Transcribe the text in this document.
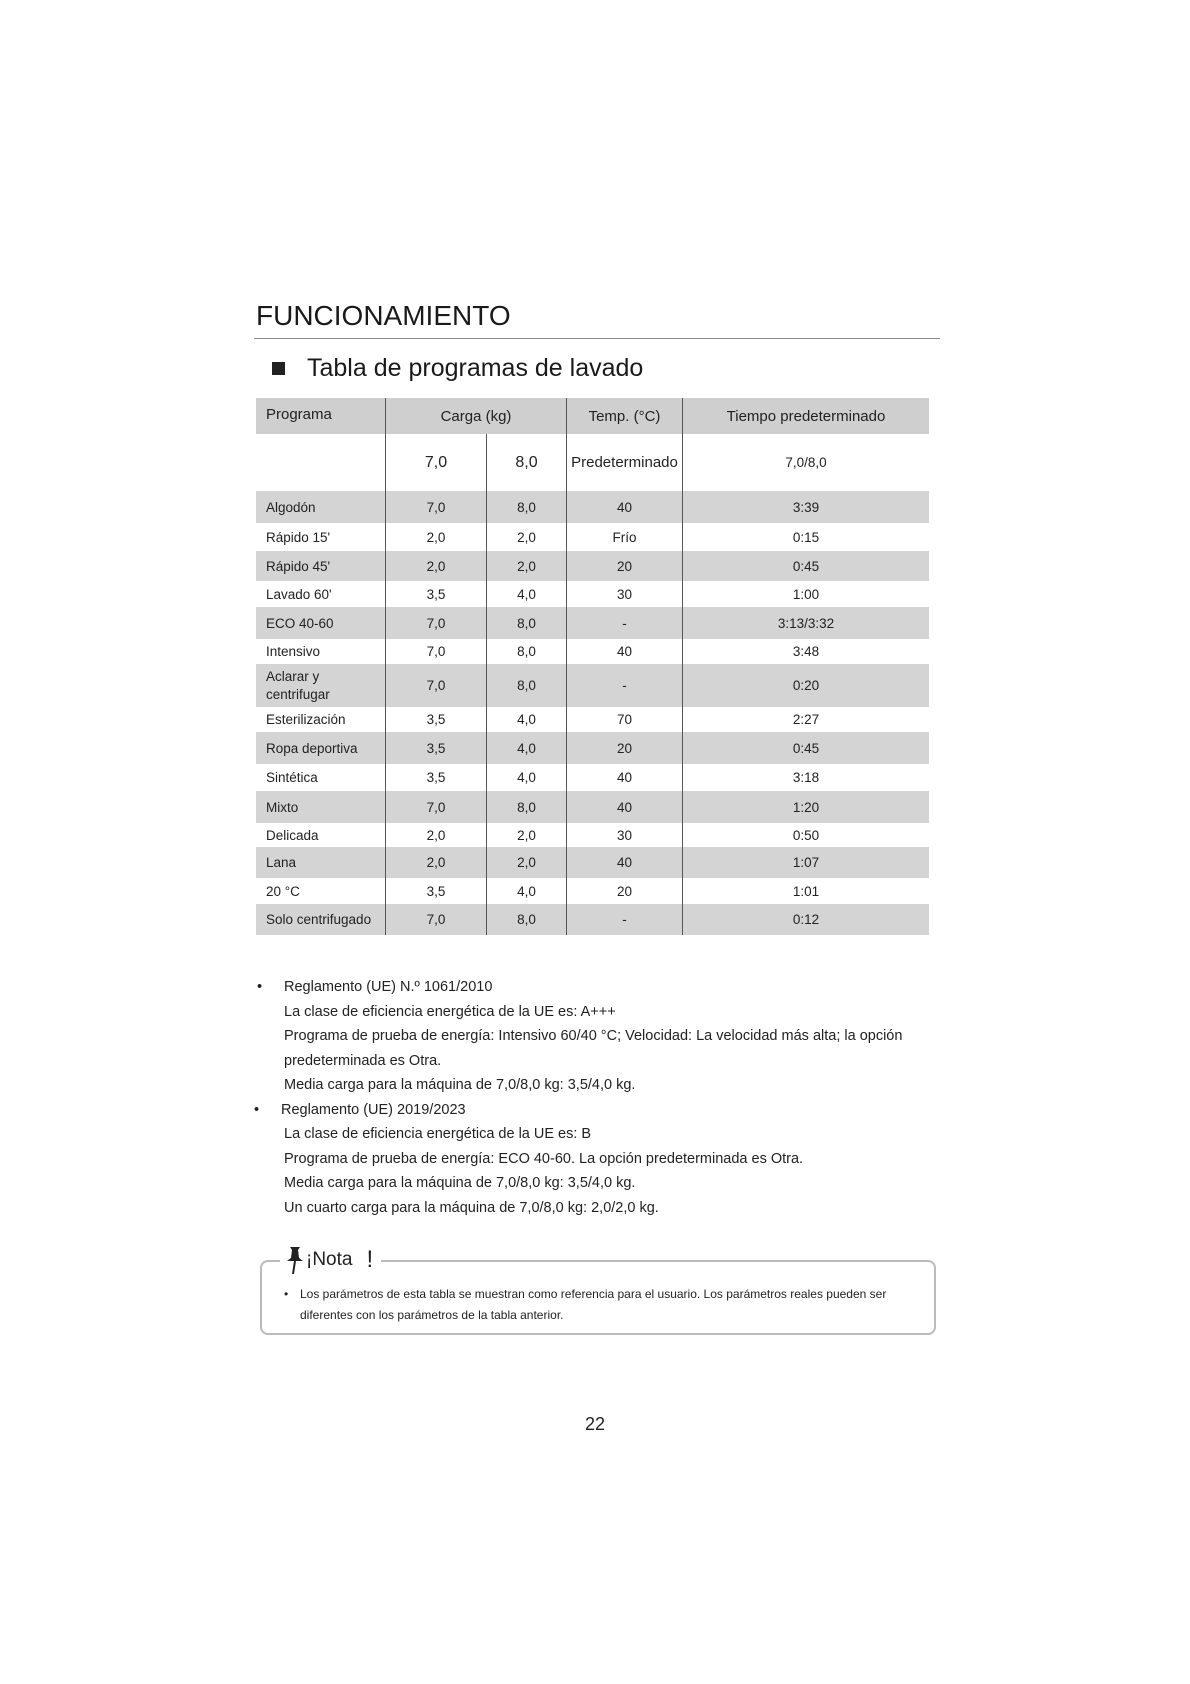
FUNCIONAMIENTO
Tabla de programas de lavado
Programa	Carga (kg)		Temp. (°C)	Tiempo predeterminado
	7,0	8,0	Predeterminado	7,0/8,0
Algodón	7,0	8,0	40	3:39
Rápido 15'	2,0	2,0	Frío	0:15
Rápido 45'	2,0	2,0	20	0:45
Lavado 60'	3,5	4,0	30	1:00
ECO 40-60	7,0	8,0	-	3:13/3:32
Intensivo	7,0	8,0	40	3:48
Aclarar y centrifugar	7,0	8,0	-	0:20
Esterilización	3,5	4,0	70	2:27
Ropa deportiva	3,5	4,0	20	0:45
Sintética	3,5	4,0	40	3:18
Mixto	7,0	8,0	40	1:20
Delicada	2,0	2,0	30	0:50
Lana	2,0	2,0	40	1:07
20 °C	3,5	4,0	20	1:01
Solo centrifugado	7,0	8,0	-	0:12
• Reglamento (UE) N.º 1061/2010
La clase de eficiencia energética de la UE es: A+++
Programa de prueba de energía: Intensivo 60/40 °C; Velocidad: La velocidad más alta; la opción
predeterminada es Otra.
Media carga para la máquina de 7,0/8,0 kg: 3,5/4,0 kg.
• Reglamento (UE) 2019/2023
La clase de eficiencia energética de la UE es: B
Programa de prueba de energía: ECO 40-60. La opción predeterminada es Otra.
Media carga para la máquina de 7,0/8,0 kg: 3,5/4,0 kg.
Un cuarto carga para la máquina de 7,0/8,0 kg: 2,0/2,0 kg.

• Los parámetros de esta tabla se muestran como referencia para el usuario. Los parámetros reales pueden ser diferentes con los parámetros de la tabla anterior.

¡Nota !
22
